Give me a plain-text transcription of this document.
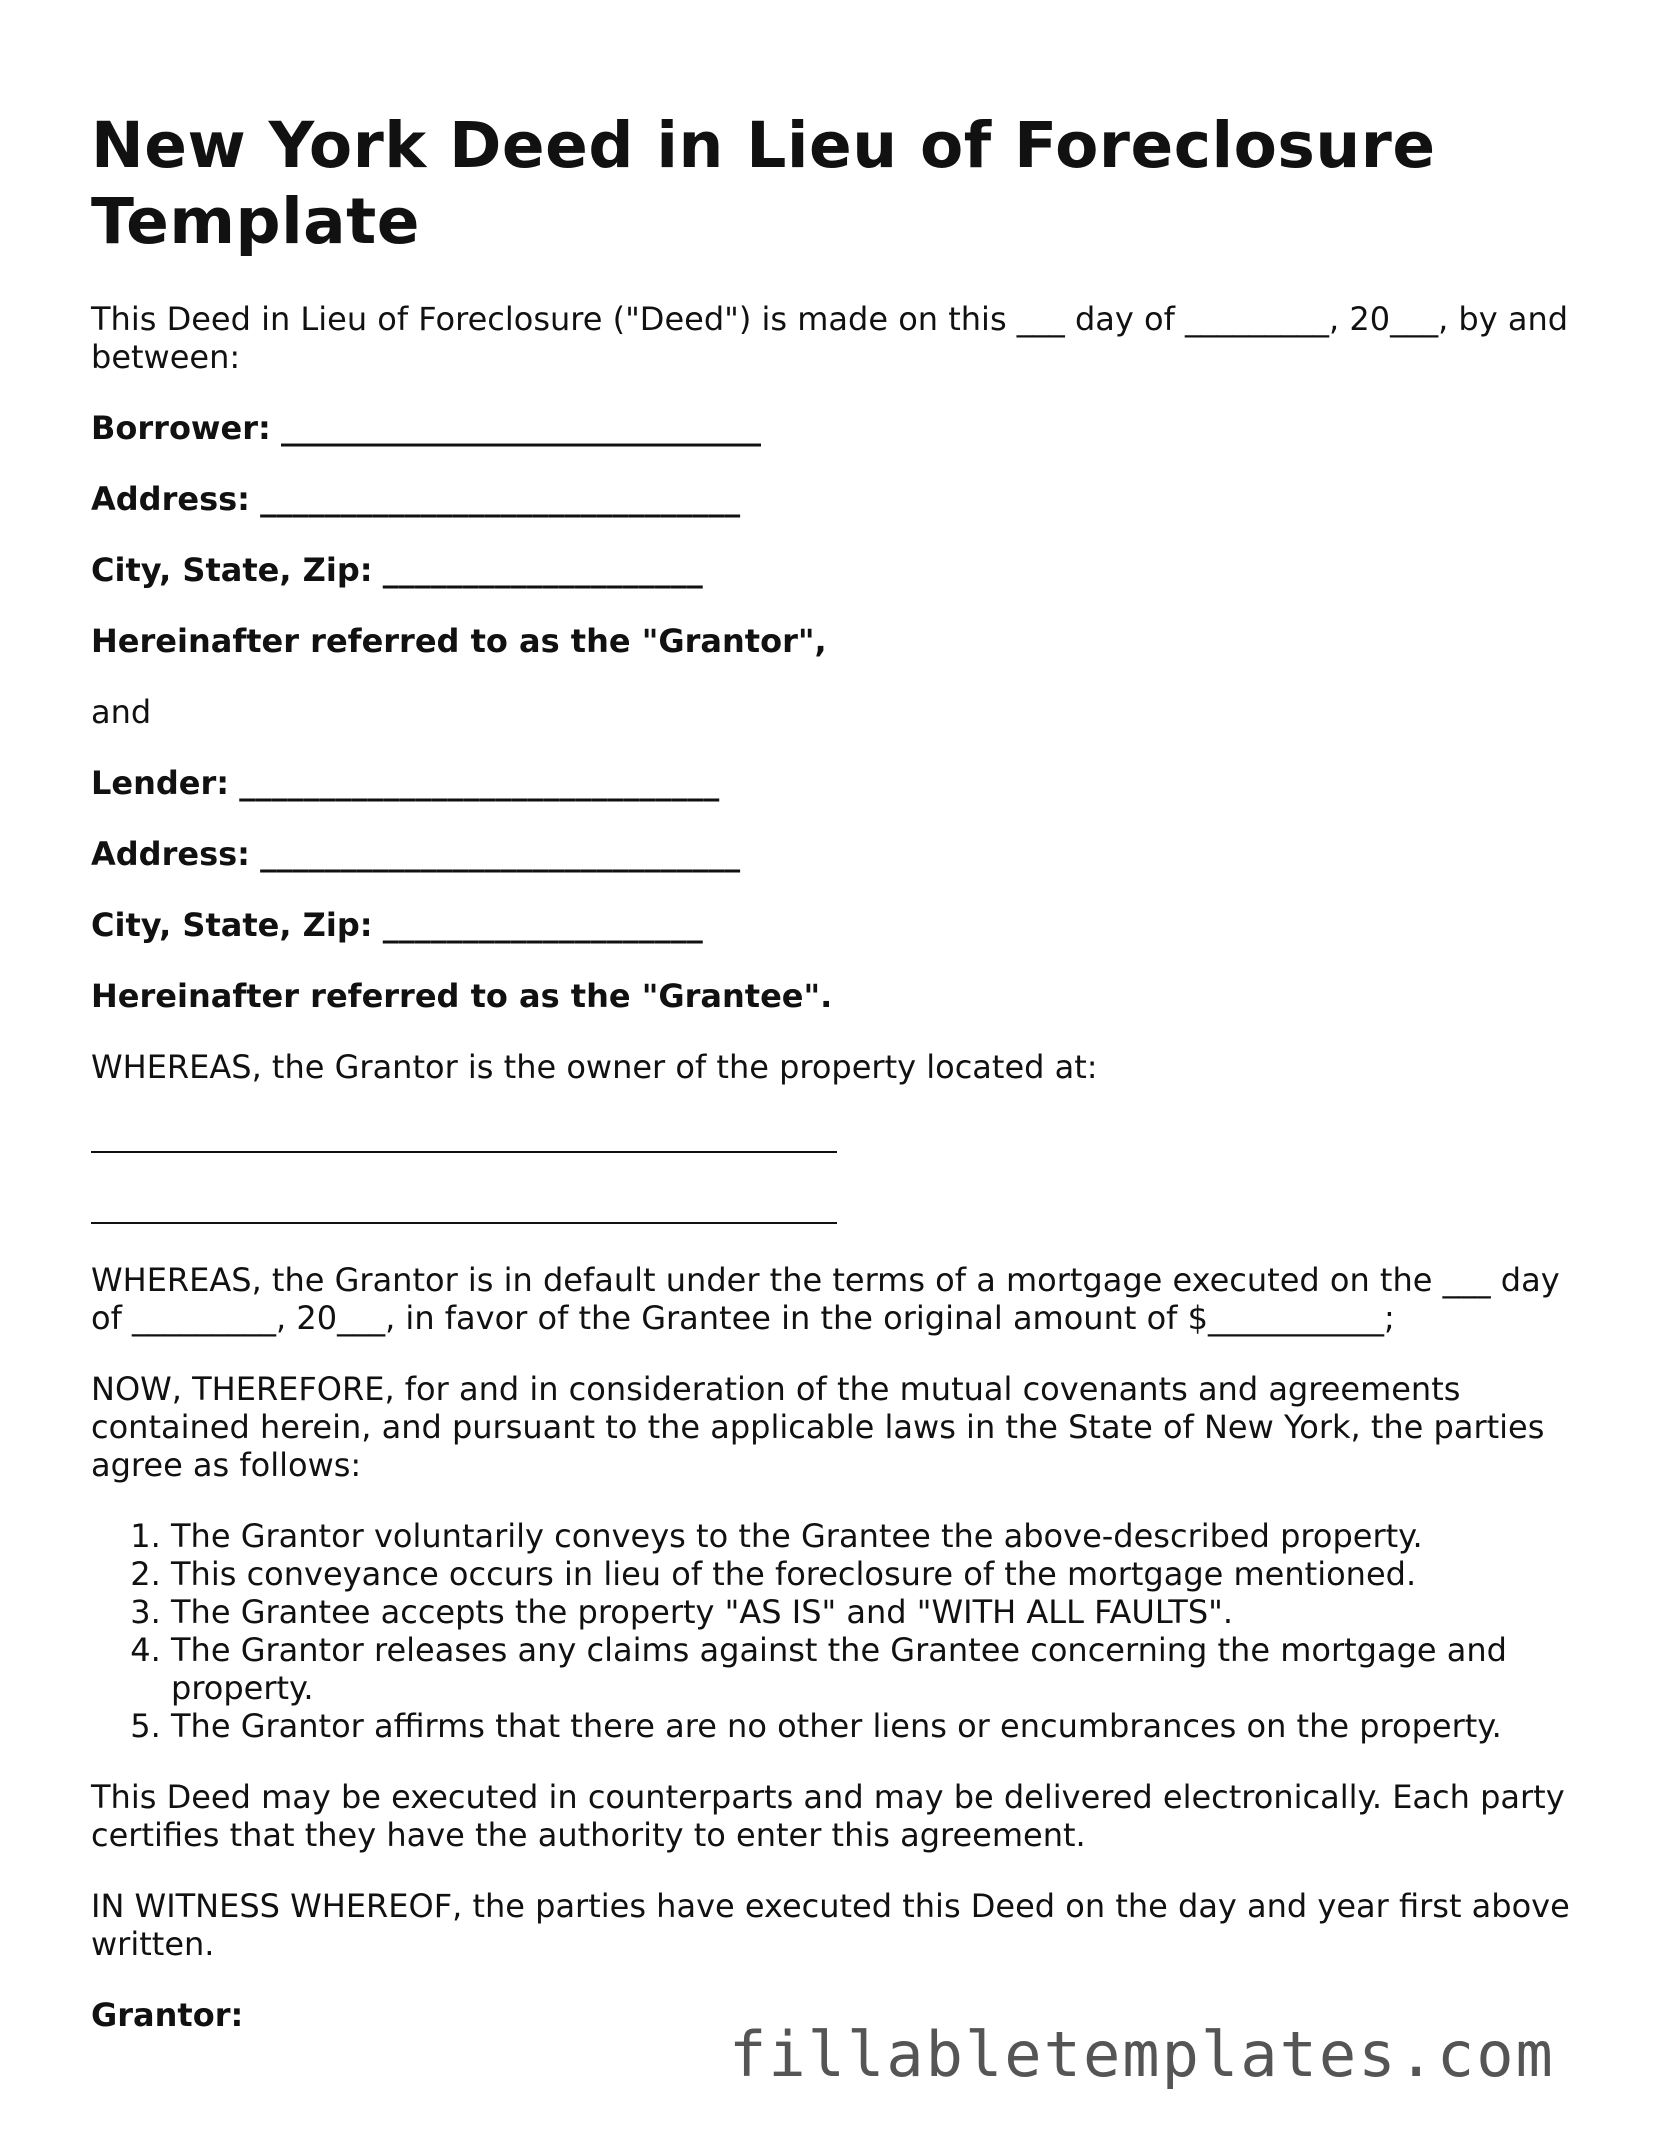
New York Deed in Lieu of Foreclosure Template

This Deed in Lieu of Foreclosure ("Deed") is made on this ___ day of _________, 20___, by and between:

Borrower: ______________________________
Address: ______________________________
City, State, Zip: ____________________

Hereinafter referred to as the "Grantor",

and

Lender: ______________________________
Address: ______________________________
City, State, Zip: ____________________

Hereinafter referred to as the "Grantee".

WHEREAS, the Grantor is the owner of the property located at:

WHEREAS, the Grantor is in default under the terms of a mortgage executed on the ___ day of _________, 20___, in favor of the Grantee in the original amount of $___________;

NOW, THEREFORE, for and in consideration of the mutual covenants and agreements contained herein, and pursuant to the applicable laws in the State of New York, the parties agree as follows:

1. The Grantor voluntarily conveys to the Grantee the above-described property.
2. This conveyance occurs in lieu of the foreclosure of the mortgage mentioned.
3. The Grantee accepts the property "AS IS" and "WITH ALL FAULTS".
4. The Grantor releases any claims against the Grantee concerning the mortgage and property.
5. The Grantor affirms that there are no other liens or encumbrances on the property.

This Deed may be executed in counterparts and may be delivered electronically. Each party certifies that they have the authority to enter this agreement.

IN WITNESS WHEREOF, the parties have executed this Deed on the day and year first above written.

Grantor:

fillabletemplates.com
